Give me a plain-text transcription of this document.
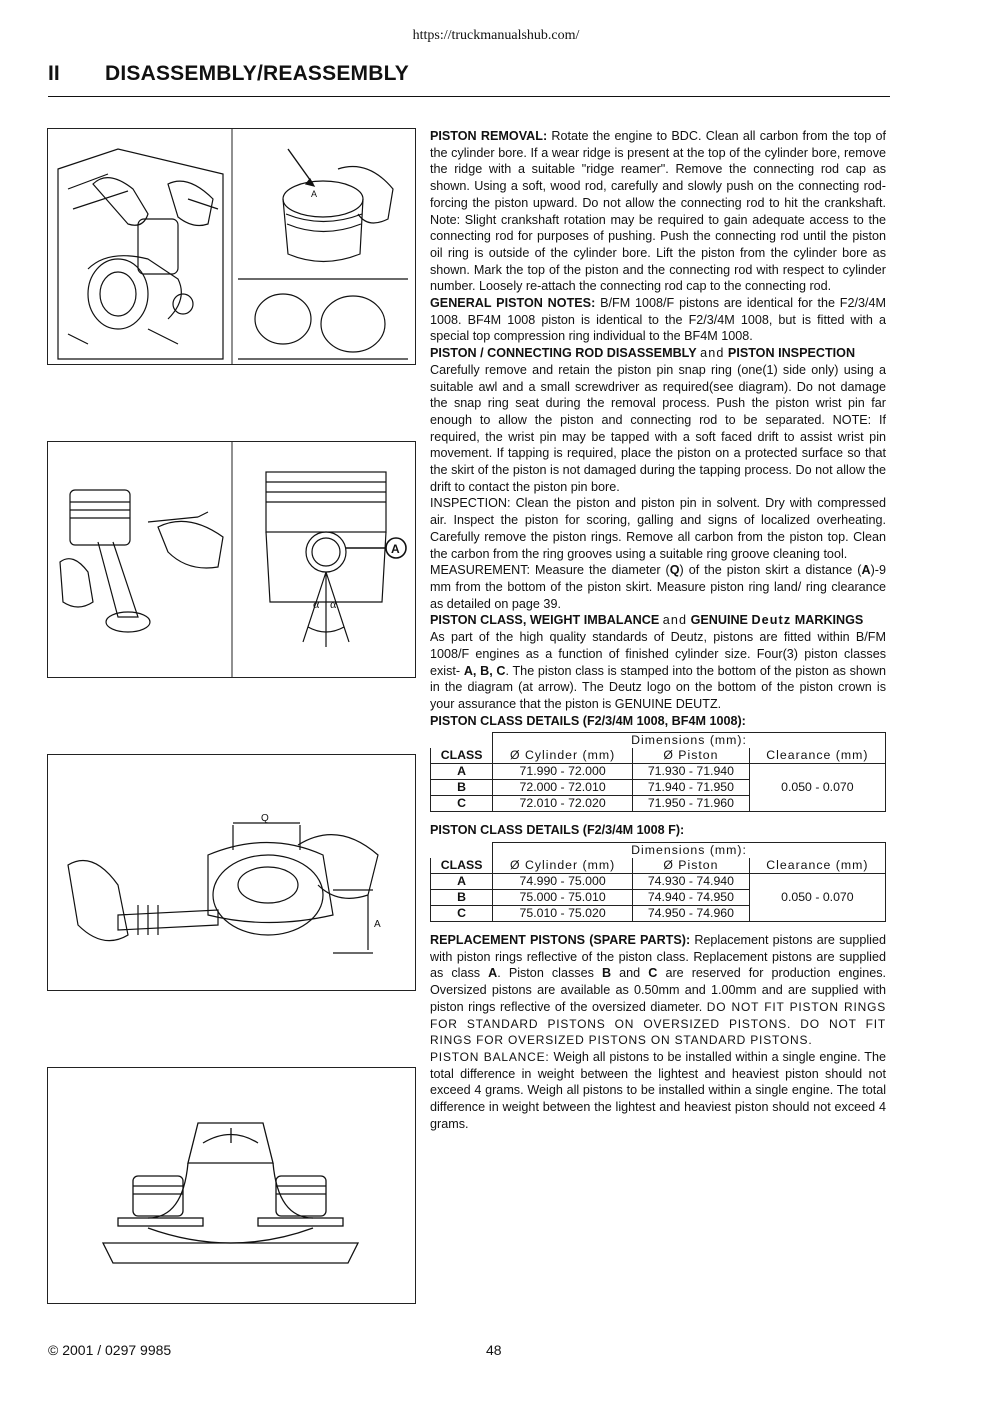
https://truckmanualshub.com/
II DISASSEMBLY/REASSEMBLY
A
A
α α
Q
A

PISTON REMOVAL: Rotate the engine to BDC. Clean all carbon from the top of the cylinder bore. If a wear ridge is present at the top of the cylinder bore, remove the ridge with a suitable "ridge reamer". Remove the connecting rod cap as shown. Using a soft, wood rod, carefully and slowly push on the connecting rod- forcing the piston upward. Do not allow the connecting rod to hit the crankshaft. Note: Slight crankshaft rotation may be required to gain adequate access to the connecting rod for purposes of pushing. Push the connecting rod until the piston oil ring is outside of the cylinder bore. Lift the piston from the cylinder bore as shown. Mark the top of the piston and the connecting rod with respect to cylinder number. Loosely re-attach the connecting rod cap to the connecting rod.

GENERAL PISTON NOTES: B/FM 1008/F pistons are identical for the F2/3/4M 1008. BF4M 1008 piston is identical to the F2/3/4M 1008, but is fitted with a special top compression ring individual to the BF4M 1008.

PISTON / CONNECTING ROD DISASSEMBLY and PISTON INSPECTION

Carefully remove and retain the piston pin snap ring (one(1) side only) using a suitable awl and a small screwdriver as required(see diagram). Do not damage the snap ring seat during the removal process. Push the piston wrist pin far enough to allow the piston and connecting rod to be separated. NOTE: If required, the wrist pin may be tapped with a soft faced drift to assist wrist pin movement. If tapping is required, place the piston on a protected surface so that the skirt of the piston is not damaged during the tapping process. Do not allow the drift to contact the piston pin bore.

INSPECTION: Clean the piston and piston pin in solvent. Dry with compressed air. Inspect the piston for scoring, galling and signs of localized overheating. Carefully remove the piston rings. Remove all carbon from the piston top. Clean the carbon from the ring grooves using a suitable ring groove cleaning tool.

MEASUREMENT: Measure the diameter (Q) of the piston skirt a distance (A)-9 mm from the bottom of the piston skirt. Measure piston ring land/ ring clearance as detailed on page 39.

PISTON CLASS, WEIGHT IMBALANCE and GENUINE Deutz MARKINGS

As part of the high quality standards of Deutz, pistons are fitted within B/FM 1008/F engines as a function of finished cylinder size. Four(3) piston classes exist- A, B, C. The piston class is stamped into the bottom of the piston as shown in the diagram (at arrow). The Deutz logo on the bottom of the piston crown is your assurance that the piston is GENUINE DEUTZ.

PISTON CLASS DETAILS (F2/3/4M 1008, BF4M 1008):

	Dimensions (mm):		
CLASS	Ø Cylinder (mm)	Ø Piston	Clearance (mm)
A	71.990 - 72.000	71.930 - 71.940	0.050 - 0.070
B	72.000 - 72.010	71.940 - 71.950	
C	72.010 - 72.020	71.950 - 71.960	

PISTON CLASS DETAILS (F2/3/4M 1008 F):

	Dimensions (mm):		
CLASS	Ø Cylinder (mm)	Ø Piston	Clearance (mm)
A	74.990 - 75.000	74.930 - 74.940	0.050 - 0.070
B	75.000 - 75.010	74.940 - 74.950	
C	75.010 - 75.020	74.950 - 74.960	

REPLACEMENT PISTONS (SPARE PARTS): Replacement pistons are supplied with piston rings reflective of the piston class. Replacement pistons are supplied as class A. Piston classes B and C are reserved for production engines. Oversized pistons are available as 0.50mm and 1.00mm and are supplied with piston rings reflective of the oversized diameter. DO NOT FIT PISTON RINGS FOR STANDARD PISTONS ON OVERSIZED PISTONS. DO NOT FIT RINGS FOR OVERSIZED PISTONS ON STANDARD PISTONS.

PISTON BALANCE: Weigh all pistons to be installed within a single engine. The total difference in weight between the lightest and heaviest piston should not exceed 4 grams. Weigh all pistons to be installed within a single engine. The total difference in weight between the lightest and heaviest piston should not exceed 4 grams.

© 2001 / 0297 9985	48
